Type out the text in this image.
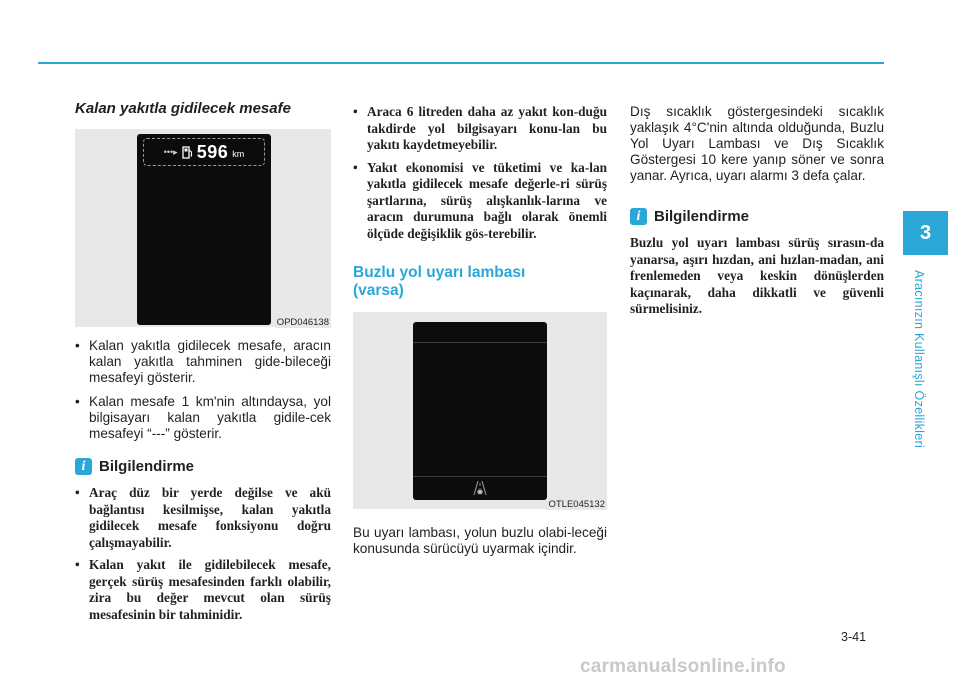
Kalan yakıtla gidilecek mesafe
•••▸ 596 km
OPD046138
• Kalan yakıtla gidilecek mesafe, aracın kalan yakıtla tahminen gide-bileceği mesafeyi gösterir.
• Kalan mesafe 1 km'nin altındaysa, yol bilgisayarı kalan yakıtla gidile-cek mesafeyi “---” gösterir.
i Bilgilendirme
• Araç düz bir yerde değilse ve akü bağlantısı kesilmişse, kalan yakıtla gidilecek mesafe fonksiyonu doğru çalışmayabilir.
• Kalan yakıt ile gidilebilecek mesafe, gerçek sürüş mesafesinden farklı olabilir, zira bu değer mevcut olan sürüş mesafesinin bir tahminidir.
• Araca 6 litreden daha az yakıt kon-duğu takdirde yol bilgisayarı konu-lan bu yakıtı kaydetmeyebilir.
• Yakıt ekonomisi ve tüketimi ve ka-lan yakıtla gidilecek mesafe değerle-ri sürüş şartlarına, sürüş alışkanlık-larına ve aracın durumuna bağlı olarak önemli ölçüde değişiklik gös-terebilir.
Buzlu yol uyarı lambası
(varsa)
OTLE045132

Bu uyarı lambası, yolun buzlu olabi-leceği konusunda sürücüyü uyarmak içindir.

Dış sıcaklık göstergesindeki sıcaklık yaklaşık 4°C'nin altında olduğunda, Buzlu Yol Uyarı Lambası ve Dış Sıcaklık Göstergesi 10 kere yanıp söner ve sonra yanar. Ayrıca, uyarı alarmı 3 defa çalar.

i Bilgilendirme

Buzlu yol uyarı lambası sürüş sırasın-da yanarsa, aşırı hızdan, ani hızlan-madan, ani frenlemeden veya keskin dönüşlerden kaçınarak, daha dikkatli ve güvenli sürmelisiniz.

3
Aracınızın Kullanışlı Özellikleri
3-41
carmanualsonline.info
